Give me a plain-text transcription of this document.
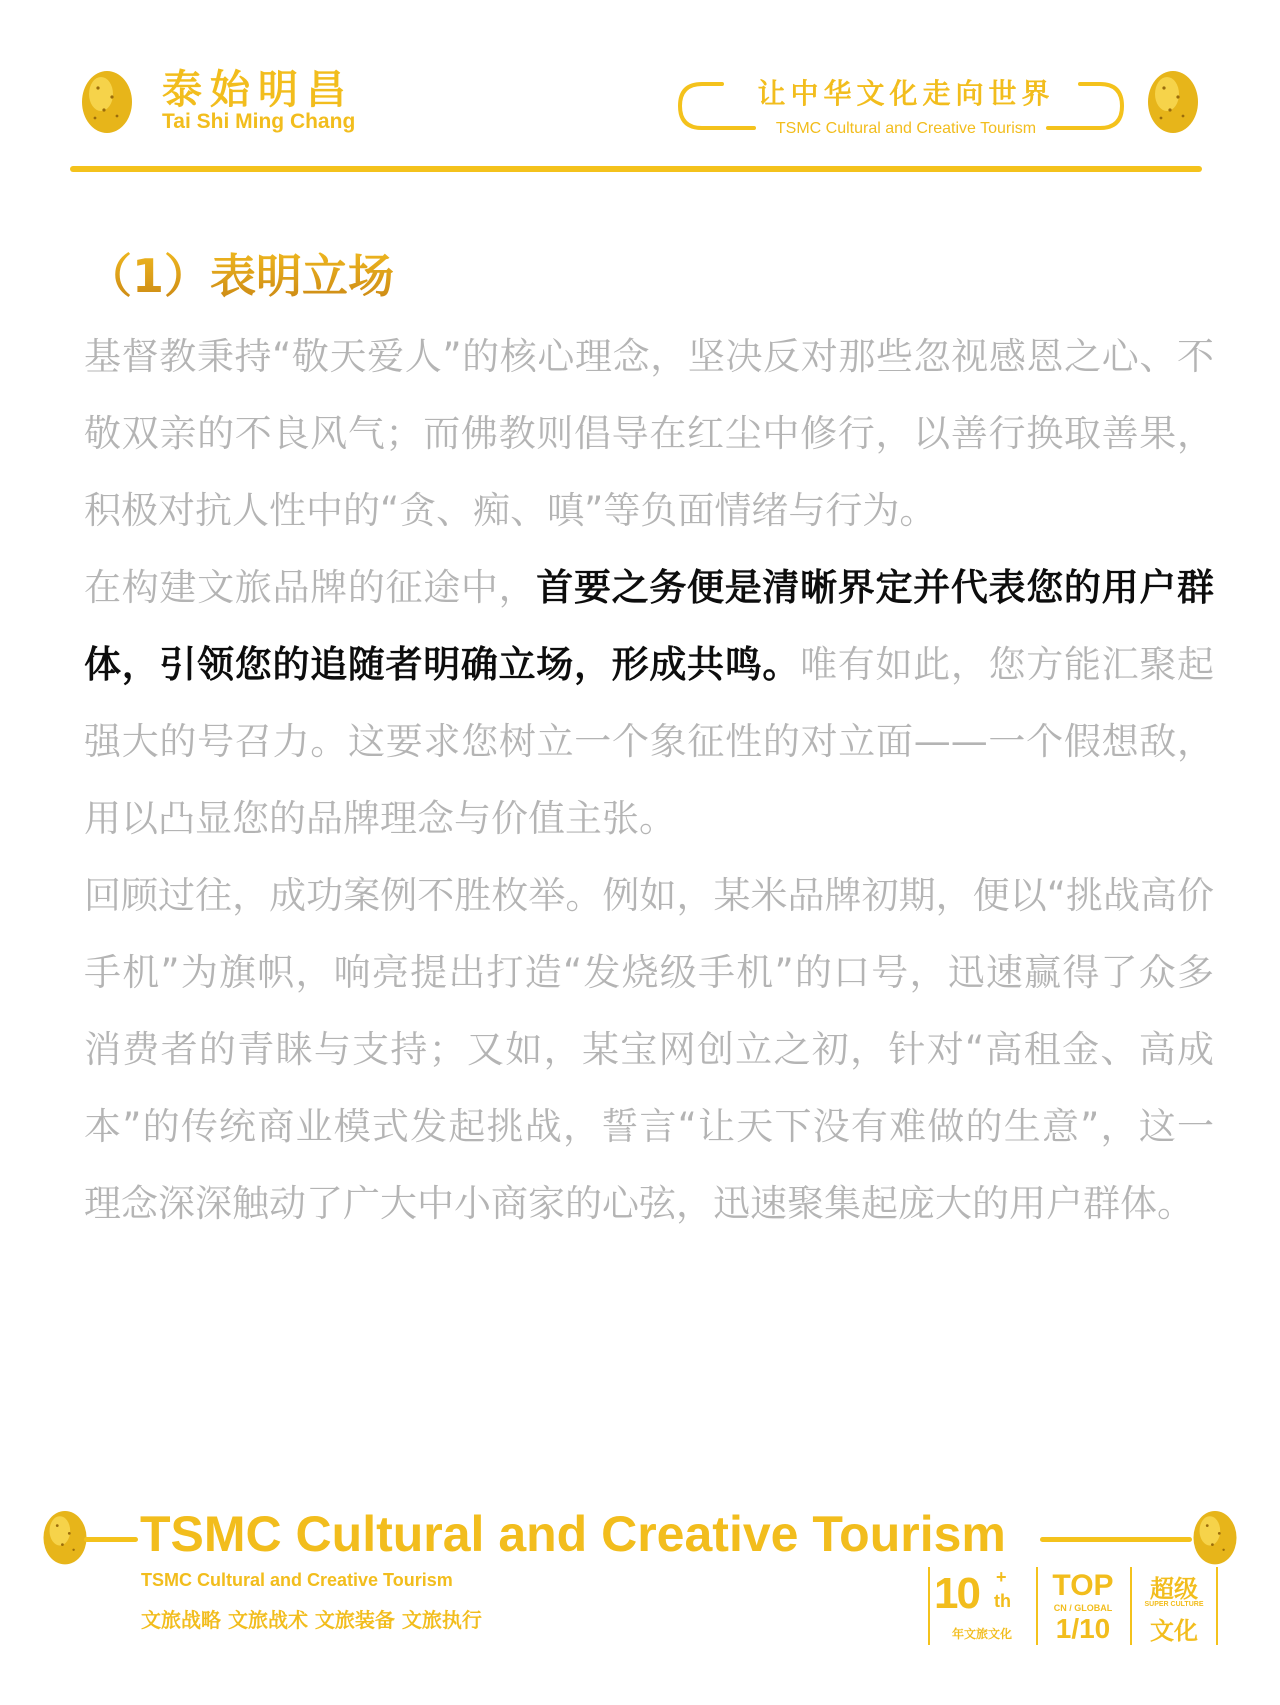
泰始明昌
Tai Shi Ming Chang
让中华文化走向世界
TSMC Cultural and Creative Tourism
（1）表明立场

基督教秉持“敬天爱人”的核心理念，坚决反对那些忽视感恩之心、不敬双亲的不良风气；而佛教则倡导在红尘中修行，以善行换取善果，积极对抗人性中的“贪、痴、嗔”等负面情绪与行为。

在构建文旅品牌的征途中，首要之务便是清晰界定并代表您的用户群体，引领您的追随者明确立场，形成共鸣。唯有如此，您方能汇聚起强大的号召力。这要求您树立一个象征性的对立面——一个假想敌，用以凸显您的品牌理念与价值主张。

回顾过往，成功案例不胜枚举。例如，某米品牌初期，便以“挑战高价手机”为旗帜，响亮提出打造“发烧级手机”的口号，迅速赢得了众多消费者的青睐与支持；又如，某宝网创立之初，针对“高租金、高成本”的传统商业模式发起挑战，誓言“让天下没有难做的生意”，这一理念深深触动了广大中小商家的心弦，迅速聚集起庞大的用户群体。

TSMC Cultural and Creative Tourism
TSMC Cultural and Creative Tourism
文旅战略 文旅战术 文旅装备 文旅执行
10 +
th
年文旅文化
TOP
CN / GLOBAL
1/10
超级
SUPER CULTURE
文化
